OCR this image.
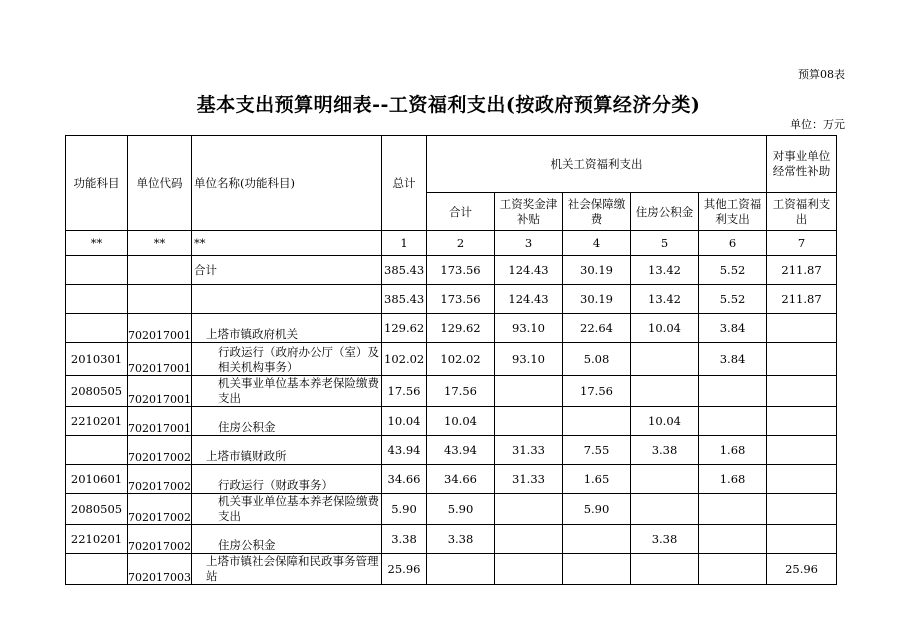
预算08表
基本支出预算明细表--工资福利支出(按政府预算经济分类)
单位：万元
功能科目	单位代码	单位名称(功能科目)	总计	机关工资福利支出					对事业单位经常性补助
				合计	工资奖金津补贴	社会保障缴费	住房公积金	其他工资福利支出	工资福利支出
**	**	**	1	2	3	4	5	6	7
		合计	385.43	173.56	124.43	30.19	13.42	5.52	211.87
			385.43	173.56	124.43	30.19	13.42	5.52	211.87
	702017001	上塔市镇政府机关	129.62	129.62	93.10	22.64	10.04	3.84	
2010301	702017001	行政运行（政府办公厅（室）及相关机构事务）	102.02	102.02	93.10	5.08		3.84	
2080505	702017001	机关事业单位基本养老保险缴费支出	17.56	17.56		17.56			
2210201	702017001	住房公积金	10.04	10.04			10.04		
	702017002	上塔市镇财政所	43.94	43.94	31.33	7.55	3.38	1.68	
2010601	702017002	行政运行（财政事务）	34.66	34.66	31.33	1.65		1.68	
2080505	702017002	机关事业单位基本养老保险缴费支出	5.90	5.90		5.90			
2210201	702017002	住房公积金	3.38	3.38			3.38		
	702017003	上塔市镇社会保障和民政事务管理站	25.96						25.96
